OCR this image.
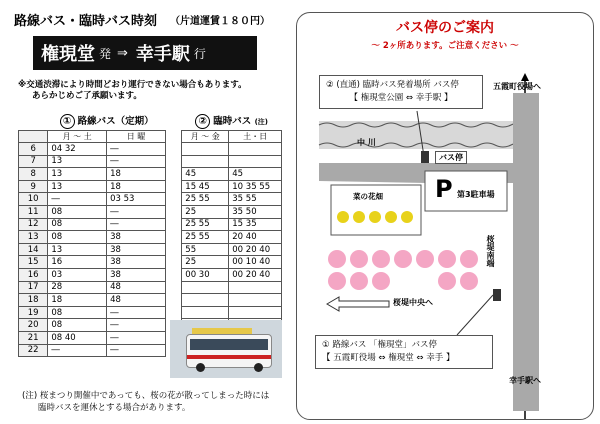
路線バス・臨時バス時刻 （片道運賃１８０円）
権現堂 発 ⇒ 幸手駅 行
※交通渋滞により時間どおり運行できない場合もあります。
あらかじめご了承願います。
	① 路線バス（定期）			② 臨時バス (注)	
	月 ～ 土	日 曜		月 ～ 金	土・日
6	04 32	―			
7	13	―			
8	13	18		45	45
9	13	18		15 45	10 35 55
10	―	03 53		25 55	35 55
11	08	―		25	35 50
12	08	―		25 55	15 35
13	08	38		25 55	20 40
14	13	38		55	00 20 40
15	16	38		25	00 10 40
16	03	38		00 30	00 20 40
17	28	48			
18	18	48			
19	08	―			
20	08	―			
21	08 40	―			
22	―	―			
(注) 桜まつり開催中であっても、桜の花が散ってしまった時には
臨時バスを運休とする場合があります。
バス停のご案内
～ 2ヶ所あります。ご注意ください ～
② (直通) 臨時バス発着場所 バス停
【 権現堂公園 ⇔ 幸手駅 】
① 路線バス 「権現堂」バス停
【 五霞町役場 ⇔ 権現堂 ⇔ 幸手 】
五霞町役場へ
幸手駅へ
中 川
バス停
P 第3駐車場
菜の花畑
桜堤南端
桜堤中央へ
